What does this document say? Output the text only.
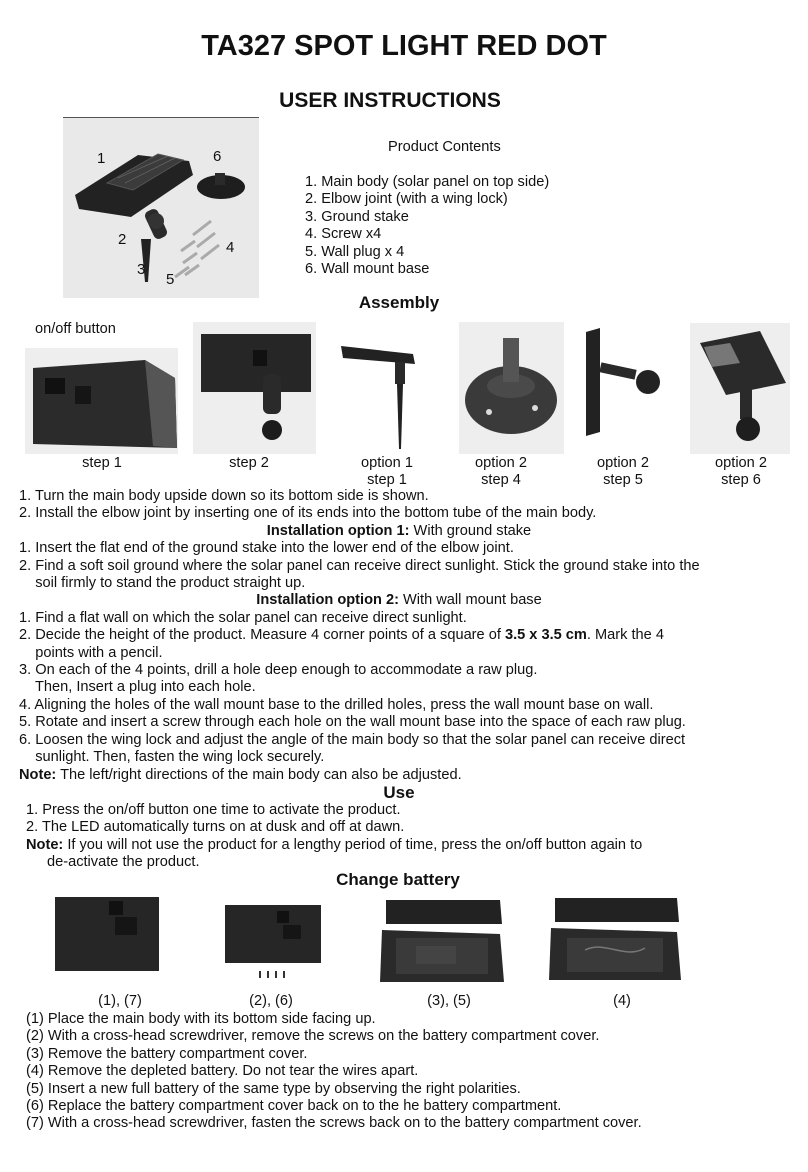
TA327 SPOT LIGHT RED DOT
USER INSTRUCTIONS
1	6
2	4
3
5
Product Contents
1. Main body (solar panel on top side)
2. Elbow joint (with a wing lock)
3. Ground stake
4. Screw x4
5. Wall plug x 4
6. Wall mount base
Assembly
on/off button
step 1	step 2	option 1
step 1
option 2
step 4
option 2
step 5
option 2
step 6
1. Turn the main body upside down so its bottom side is shown.
2. Install the elbow joint by inserting one of its ends into the bottom tube of the main body.
Installation option 1: With ground stake
1. Insert the flat end of the ground stake into the lower end of the elbow joint.
2. Find a soft soil ground where the solar panel can receive direct sunlight. Stick the ground stake into the
soil firmly to stand the product straight up.
Installation option 2: With wall mount base
1. Find a flat wall on which the solar panel can receive direct sunlight.
2. Decide the height of the product. Measure 4 corner points of a square of 3.5 x 3.5 cm. Mark the 4
points with a pencil.
3. On each of the 4 points, drill a hole deep enough to accommodate a raw plug.
Then, Insert a plug into each hole.
4. Aligning the holes of the wall mount base to the drilled holes, press the wall mount base on wall.
5. Rotate and insert a screw through each hole on the wall mount base into the space of each raw plug.
6. Loosen the wing lock and adjust the angle of the main body so that the solar panel can receive direct
sunlight. Then, fasten the wing lock securely.
Note: The left/right directions of the main body can also be adjusted.
Use
1. Press the on/off button one time to activate the product.
2. The LED automatically turns on at dusk and off at dawn.
Note: If you will not use the product for a lengthy period of time, press the on/off button again to
de-activate the product.
Change battery
(1), (7)	(2), (6)	(3), (5)	(4)
(1) Place the main body with its bottom side facing up.
(2) With a cross-head screwdriver, remove the screws on the battery compartment cover.
(3) Remove the battery compartment cover.
(4) Remove the depleted battery. Do not tear the wires apart.
(5) Insert a new full battery of the same type by observing the right polarities.
(6) Replace the battery compartment cover back on to the he battery compartment.
(7) With a cross-head screwdriver, fasten the screws back on to the battery compartment cover.
